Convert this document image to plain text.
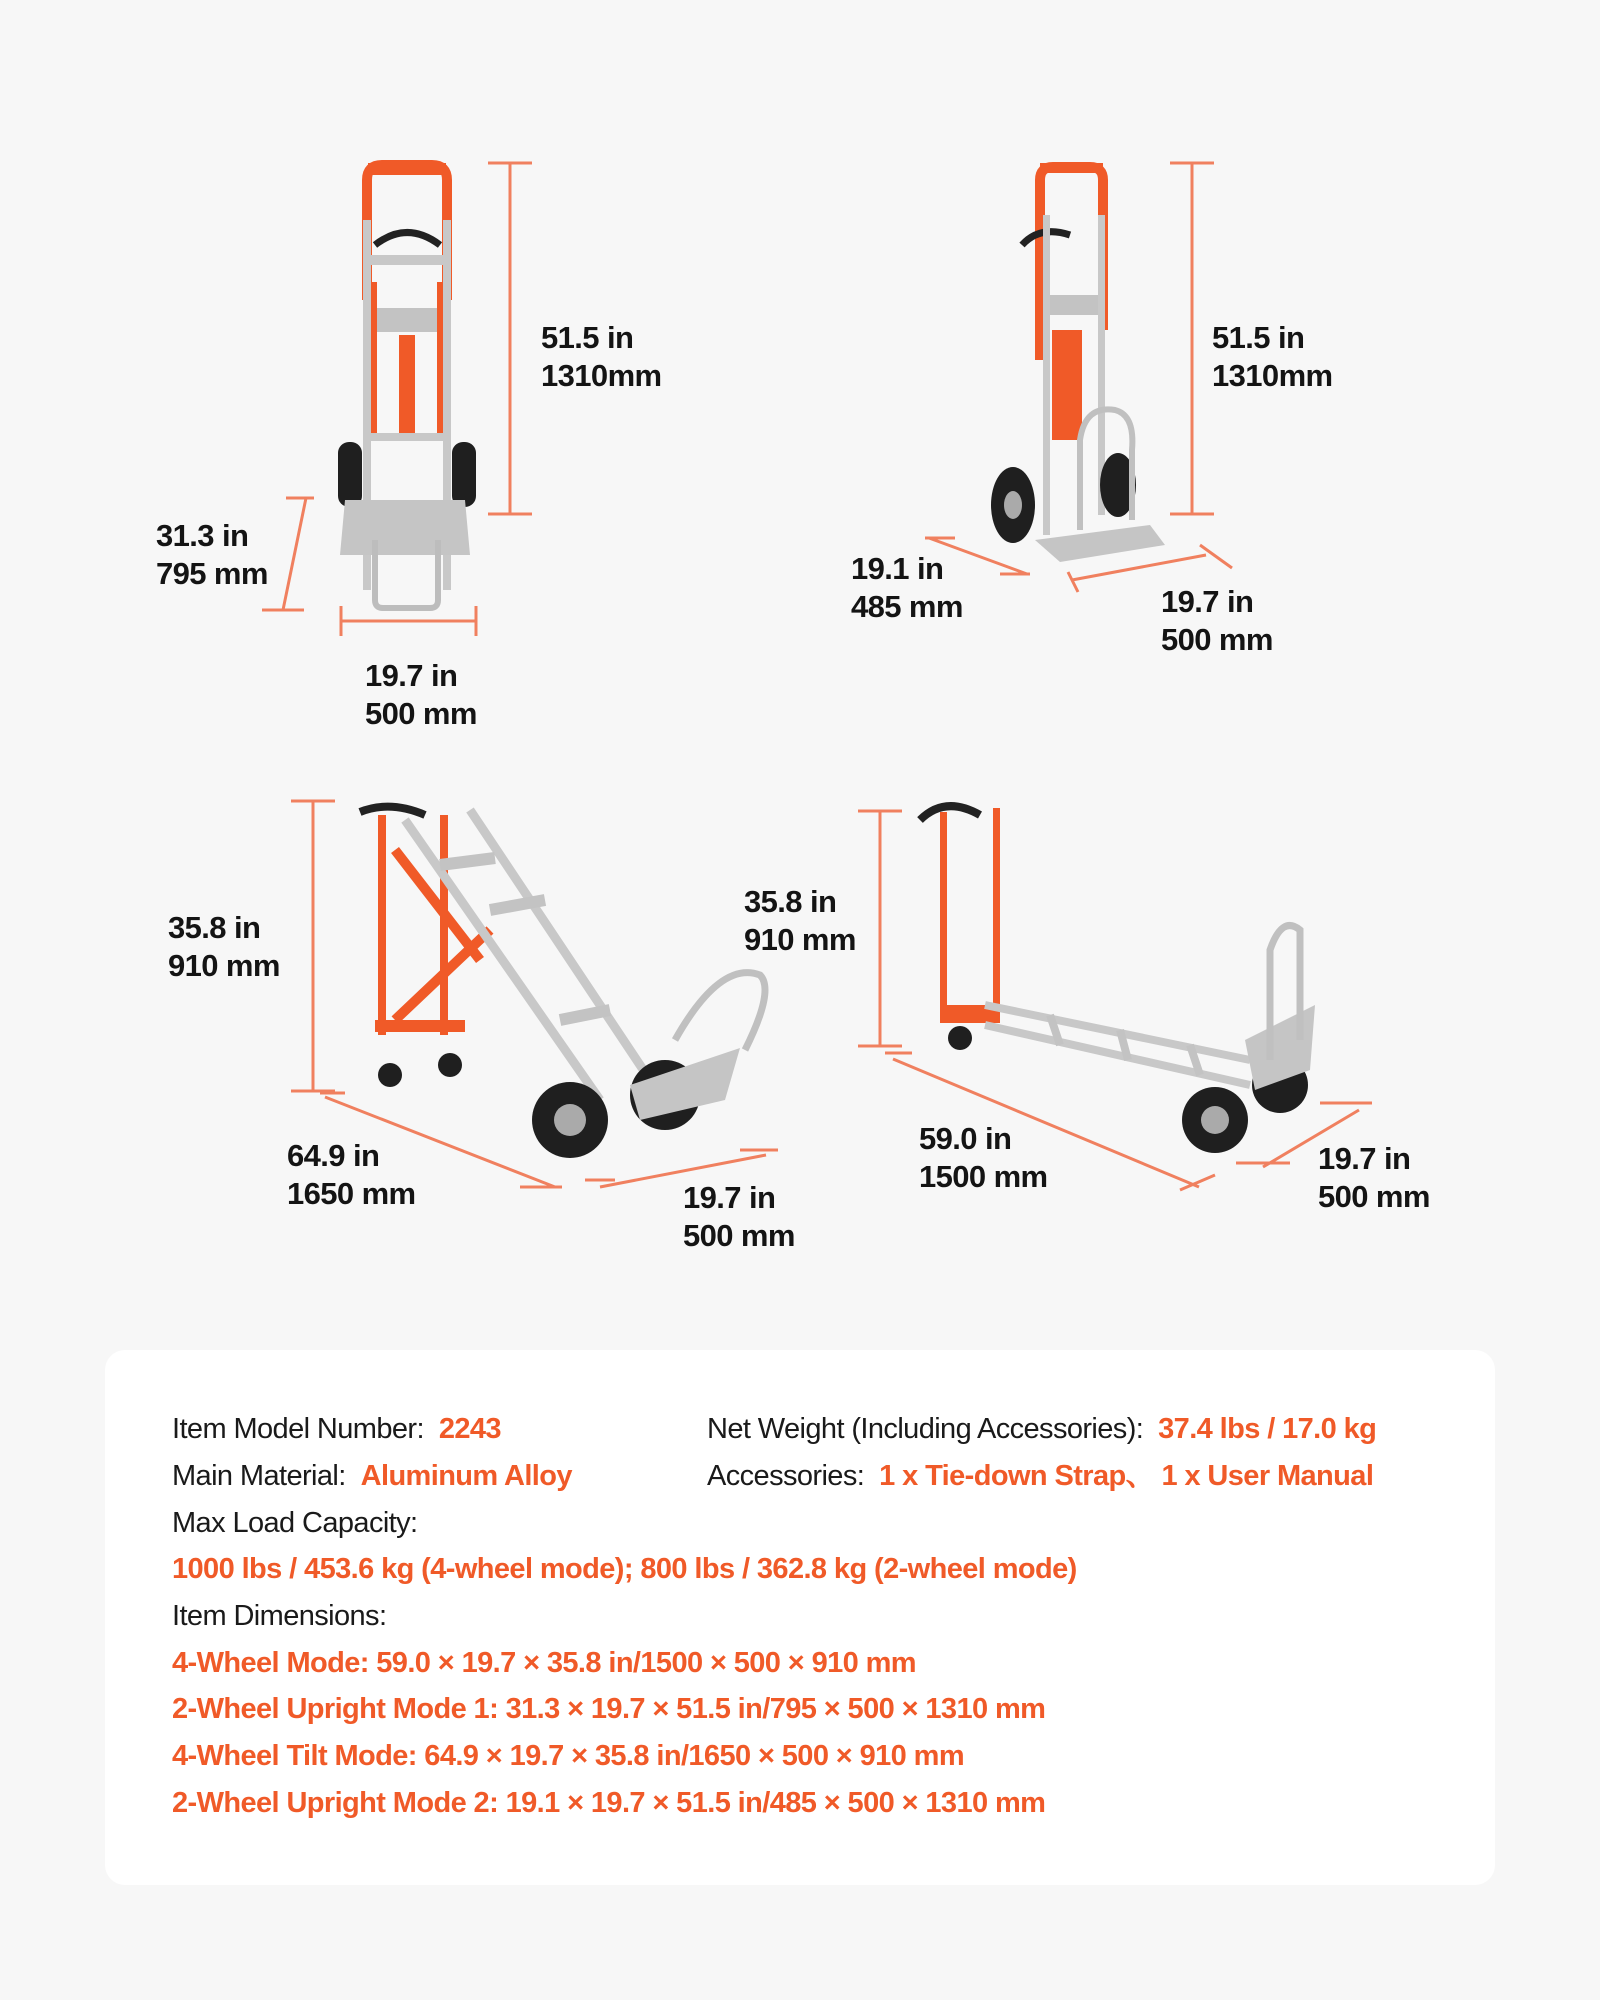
51.5 in
1310mm
31.3 in
795 mm
19.7 in
500 mm
51.5 in
1310mm
19.1 in
485 mm	19.7 in
500 mm
35.8 in
910 mm
64.9 in
1650 mm	19.7 in
500 mm
35.8 in
910 mm
59.0 in
1500 mm
19.7 in
500 mm
Item Model Number: 2243	Net Weight (Including Accessories): 37.4 lbs / 17.0 kg
Main Material: Aluminum Alloy	Accessories: 1 x Tie-down Strap、 1 x User Manual
Max Load Capacity:
1000 lbs / 453.6 kg (4-wheel mode); 800 lbs / 362.8 kg (2-wheel mode)
Item Dimensions:
4-Wheel Mode: 59.0 × 19.7 × 35.8 in/1500 × 500 × 910 mm
2-Wheel Upright Mode 1: 31.3 × 19.7 × 51.5 in/795 × 500 × 1310 mm
4-Wheel Tilt Mode: 64.9 × 19.7 × 35.8 in/1650 × 500 × 910 mm
2-Wheel Upright Mode 2: 19.1 × 19.7 × 51.5 in/485 × 500 × 1310 mm
